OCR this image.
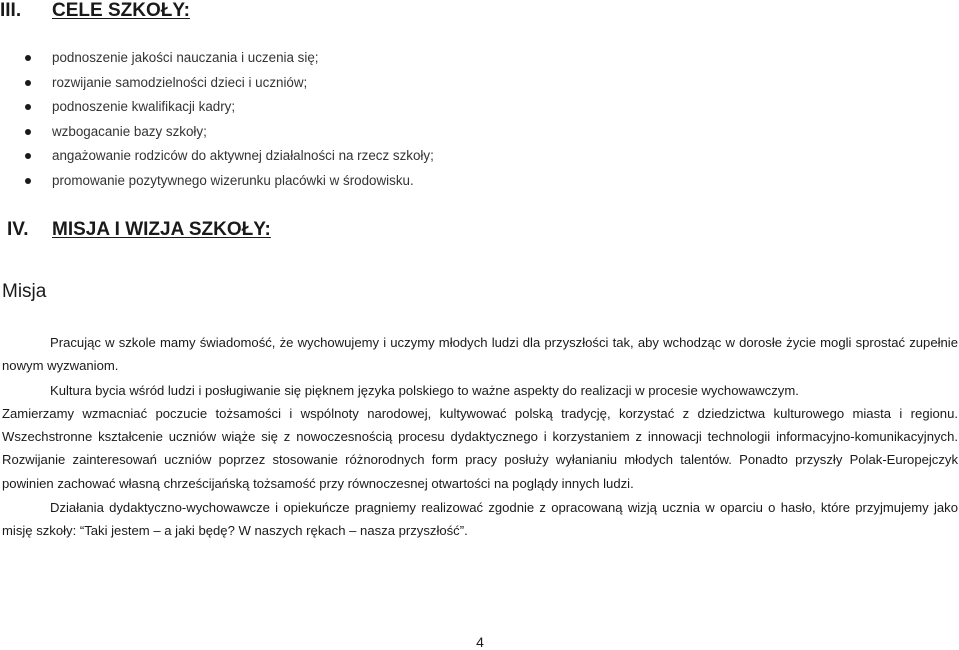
III. CELE SZKOŁY:
podnoszenie jakości nauczania i uczenia się;
rozwijanie samodzielności dzieci i uczniów;
podnoszenie kwalifikacji kadry;
wzbogacanie bazy szkoły;
angażowanie rodziców do aktywnej działalności na rzecz szkoły;
promowanie pozytywnego wizerunku placówki w środowisku.
IV. MISJA I WIZJA SZKOŁY:
Misja

Pracując w szkole mamy świadomość, że wychowujemy i uczymy młodych ludzi dla przyszłości tak, aby wchodząc w dorosłe życie mogli sprostać zupełnie nowym wyzwaniom.

Kultura bycia wśród ludzi i posługiwanie się pięknem języka polskiego to ważne aspekty do realizacji w procesie wychowawczym.

Zamierzamy wzmacniać poczucie tożsamości i wspólnoty narodowej, kultywować polską tradycję, korzystać z dziedzictwa kulturowego miasta i regionu. Wszechstronne kształcenie uczniów wiąże się z nowoczesnością procesu dydaktycznego i korzystaniem z innowacji technologii informacyjno-komunikacyjnych. Rozwijanie zainteresowań uczniów poprzez stosowanie różnorodnych form pracy posłuży wyłanianiu młodych talentów. Ponadto przyszły Polak-Europejczyk powinien zachować własną chrześcijańską tożsamość przy równoczesnej otwartości na poglądy innych ludzi.

Działania dydaktyczno-wychowawcze i opiekuńcze pragniemy realizować zgodnie z opracowaną wizją ucznia w oparciu o hasło, które przyjmujemy jako misję szkoły: “Taki jestem – a jaki będę? W naszych rękach – nasza przyszłość”.

4
